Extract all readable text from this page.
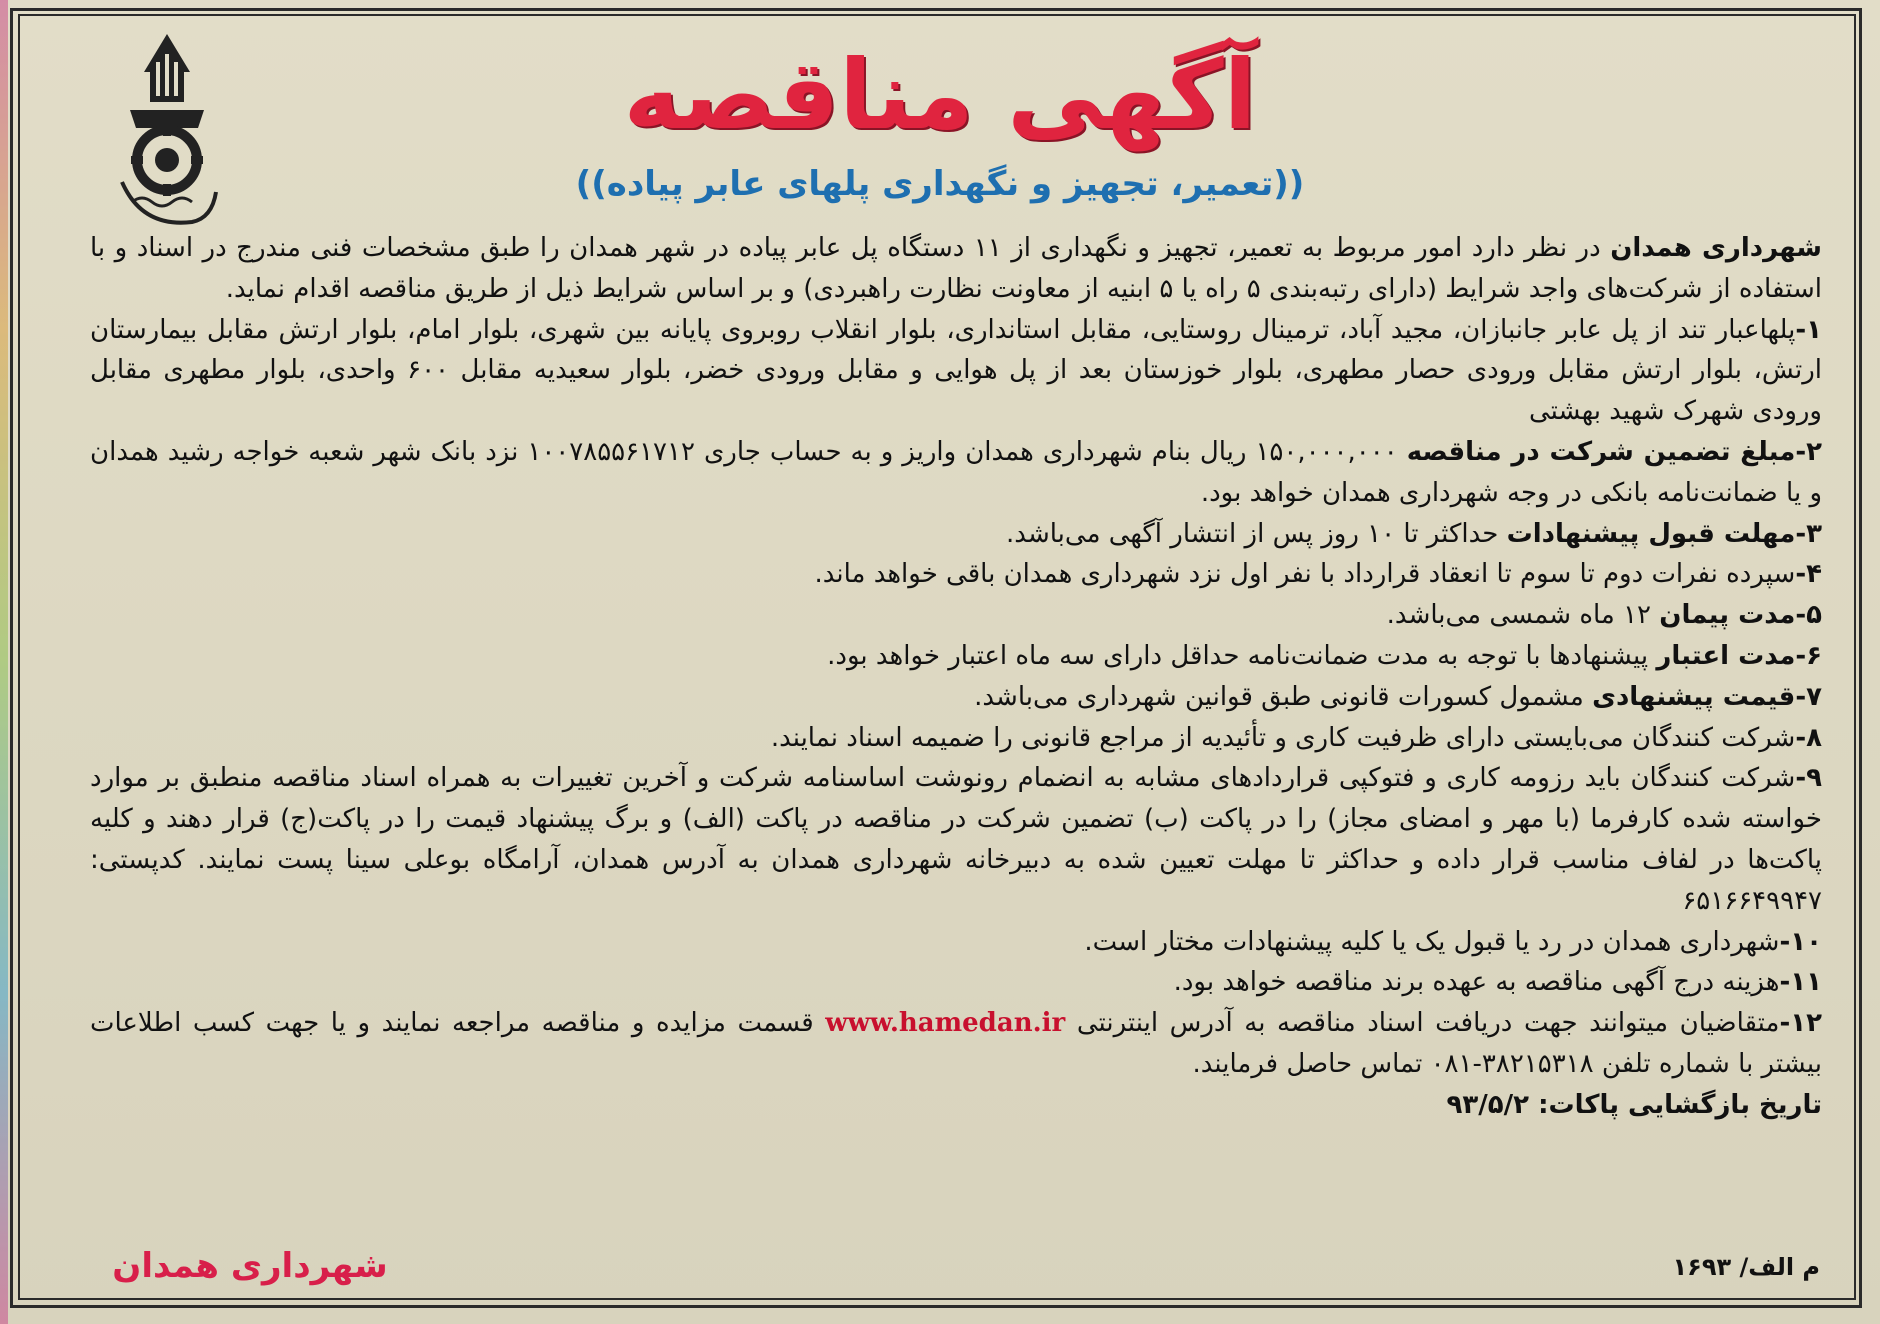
آگهی مناقصه
((تعمیر، تجهیز و نگهداری پلهای عابر پیاده))

شهرداری همدان در نظر دارد امور مربوط به تعمیر، تجهیز و نگهداری از ۱۱ دستگاه پل عابر پیاده در شهر همدان را طبق مشخصات فنی مندرج در اسناد و با استفاده از شرکت‌های واجد شرایط (دارای رتبه‌بندی ۵ راه یا ۵ ابنیه از معاونت نظارت راهبردی) و بر اساس شرایط ذیل از طریق مناقصه اقدام نماید.

۱-پلهاعبار تند از پل عابر جانبازان، مجید آباد، ترمینال روستایی، مقابل استانداری، بلوار انقلاب روبروی پایانه بین شهری، بلوار امام، بلوار ارتش مقابل بیمارستان ارتش، بلوار ارتش مقابل ورودی حصار مطهری، بلوار خوزستان بعد از پل هوایی و مقابل ورودی خضر، بلوار سعیدیه مقابل ۶۰۰ واحدی، بلوار مطهری مقابل ورودی شهرک شهید بهشتی

۲-مبلغ تضمین شرکت در مناقصه ۱۵۰,۰۰۰,۰۰۰ ریال بنام شهرداری همدان واریز و به حساب جاری ۱۰۰۷۸۵۵۶۱۷۱۲ نزد بانک شهر شعبه خواجه رشید همدان و یا ضمانت‌نامه بانکی در وجه شهرداری همدان خواهد بود.

۳-مهلت قبول پیشنهادات حداکثر تا ۱۰ روز پس از انتشار آگهی می‌باشد.

۴-سپرده نفرات دوم تا سوم تا انعقاد قرارداد با نفر اول نزد شهرداری همدان باقی خواهد ماند.

۵-مدت پیمان ۱۲ ماه شمسی می‌باشد.

۶-مدت اعتبار پیشنهادها با توجه به مدت ضمانت‌نامه حداقل دارای سه ماه اعتبار خواهد بود.

۷-قیمت پیشنهادی مشمول کسورات قانونی طبق قوانین شهرداری می‌باشد.

۸-شرکت کنندگان می‌بایستی دارای ظرفیت کاری و تأئیدیه از مراجع قانونی را ضمیمه اسناد نمایند.

۹-شرکت کنندگان باید رزومه کاری و فتوکپی قراردادهای مشابه به انضمام رونوشت اساسنامه شرکت و آخرین تغییرات به همراه اسناد مناقصه منطبق بر موارد خواسته شده کارفرما (با مهر و امضای مجاز) را در پاکت (ب) تضمین شرکت در مناقصه در پاکت (الف) و برگ پیشنهاد قیمت را در پاکت(ج) قرار دهند و کلیه پاکت‌ها در لفاف مناسب قرار داده و حداکثر تا مهلت تعیین شده به دبیرخانه شهرداری همدان به آدرس همدان، آرامگاه بوعلی سینا پست نمایند. کدپستی: ۶۵۱۶۶۴۹۹۴۷

۱۰-شهرداری همدان در رد یا قبول یک یا کلیه پیشنهادات مختار است.

۱۱-هزینه درج آگهی مناقصه به عهده برند مناقصه خواهد بود.

۱۲-متقاضیان میتوانند جهت دریافت اسناد مناقصه به آدرس اینترنتی www.hamedan.ir قسمت مزایده و مناقصه مراجعه نمایند و یا جهت کسب اطلاعات بیشتر با شماره تلفن ۳۸۲۱۵۳۱۸-۰۸۱ تماس حاصل فرمایند.

تاریخ بازگشایی پاکات: ۹۳/۵/۲

شهرداری همدان	م الف/ ۱۶۹۳
